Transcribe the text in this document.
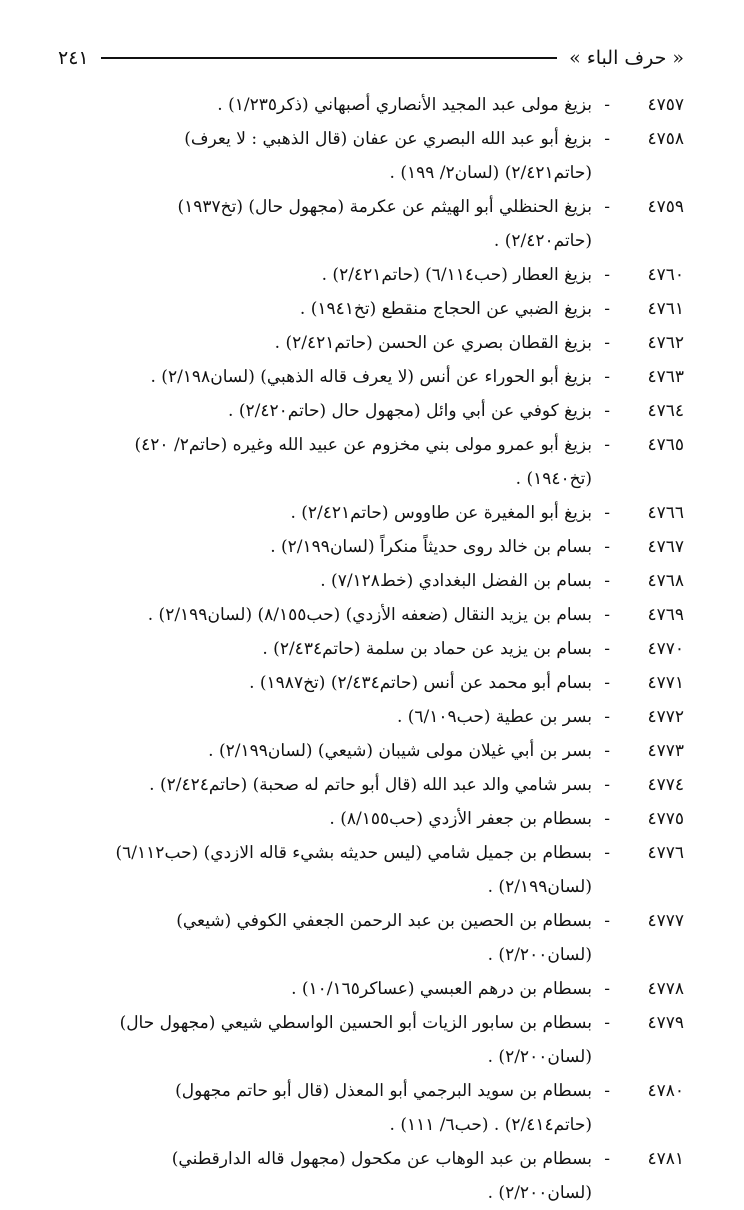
« حرف الباء »
٢٤١
٤٧٥٧
-
بزيغ مولى عبد المجيد الأنصاري أصبهاني (ذكر١/٢٣٥) .
٤٧٥٨
-
بزيغ أبو عبد الله البصري عن عفان (قال الذهبي : لا يعرف) (حاتم٢/٤٢١) (لسان٢/ ١٩٩) .
٤٧٥٩
-
بزيغ الحنظلي أبو الهيثم عن عكرمة (مجهول حال) (تخ١٩٣٧) (حاتم٢/٤٢٠) .
٤٧٦٠
-
بزيغ العطار (حب٦/١١٤) (حاتم٢/٤٢١) .
٤٧٦١
-
بزيغ الضبي عن الحجاج منقطع (تخ١٩٤١) .
٤٧٦٢
-
بزيغ القطان بصري عن الحسن (حاتم٢/٤٢١) .
٤٧٦٣
-
بزيغ أبو الحوراء عن أنس (لا يعرف قاله الذهبي) (لسان٢/١٩٨) .
٤٧٦٤
-
بزيغ كوفي عن أبي وائل (مجهول حال (حاتم٢/٤٢٠) .
٤٧٦٥
-
بزيغ أبو عمرو مولى بني مخزوم عن عبيد الله وغيره (حاتم٢/ ٤٢٠) (تخ١٩٤٠) .
٤٧٦٦
-
بزيغ أبو المغيرة عن طاووس (حاتم٢/٤٢١) .
٤٧٦٧
-
بسام بن خالد روى حديثاً منكراً (لسان٢/١٩٩) .
٤٧٦٨
-
بسام بن الفضل البغدادي (خط٧/١٢٨) .
٤٧٦٩
-
بسام بن يزيد النقال (ضعفه الأزدي) (حب٨/١٥٥) (لسان٢/١٩٩) .
٤٧٧٠
-
بسام بن يزيد عن حماد بن سلمة (حاتم٢/٤٣٤) .
٤٧٧١
-
بسام أبو محمد عن أنس (حاتم٢/٤٣٤) (تخ١٩٨٧) .
٤٧٧٢
-
بسر بن عطية (حب٦/١٠٩) .
٤٧٧٣
-
بسر بن أبي غيلان مولى شيبان (شيعي) (لسان٢/١٩٩) .
٤٧٧٤
-
بسر شامي والد عبد الله (قال أبو حاتم له صحبة) (حاتم٢/٤٢٤) .
٤٧٧٥
-
بسطام بن جعفر الأزدي (حب٨/١٥٥) .
٤٧٧٦
-
بسطام بن جميل شامي (ليس حديثه بشيء قاله الازدي) (حب٦/١١٢) (لسان٢/١٩٩) .
٤٧٧٧
-
بسطام بن الحصين بن عبد الرحمن الجعفي الكوفي (شيعي) (لسان٢/٢٠٠) .
٤٧٧٨
-
بسطام بن درهم العبسي (عساكر١٠/١٦٥) .
٤٧٧٩
-
بسطام بن سابور الزيات أبو الحسين الواسطي شيعي (مجهول حال) (لسان٢/٢٠٠) .
٤٧٨٠
-
بسطام بن سويد البرجمي أبو المعذل (قال أبو حاتم مجهول) (حاتم٢/٤١٤) . (حب٦/ ١١١) .
٤٧٨١
-
بسطام بن عبد الوهاب عن مكحول (مجهول قاله الدارقطني) (لسان٢/٢٠٠) .
